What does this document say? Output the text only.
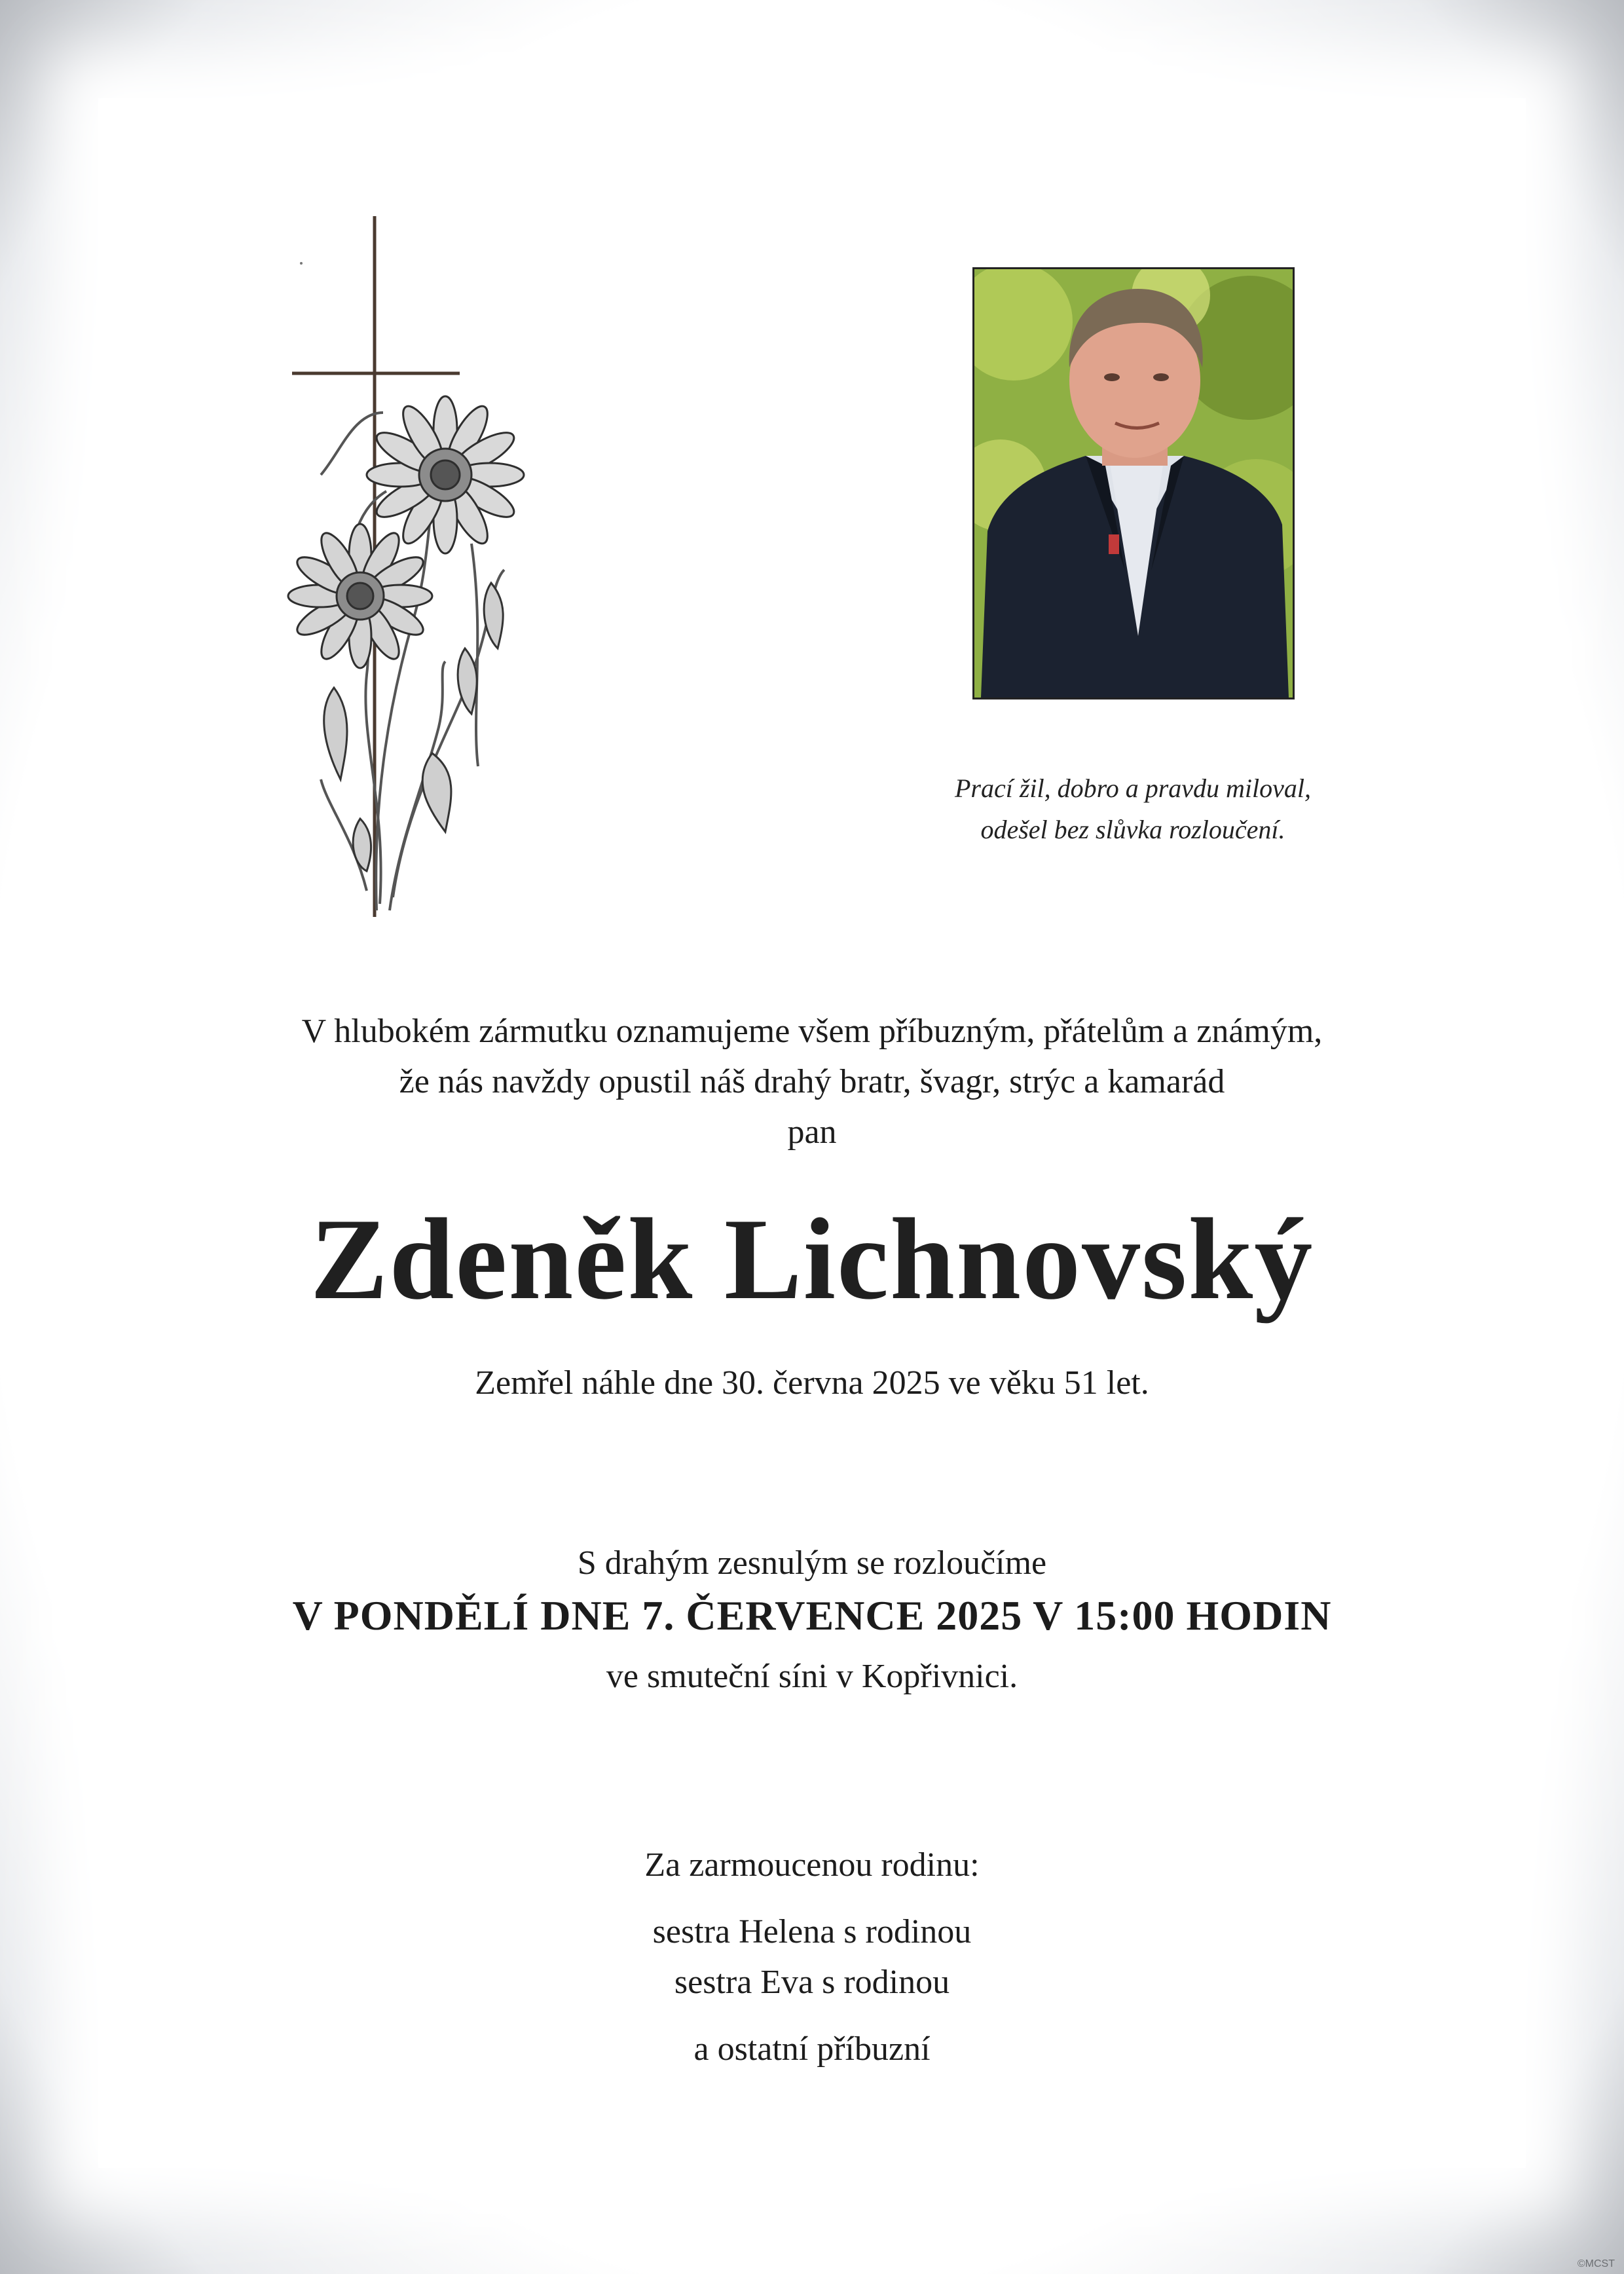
Prací žil, dobro a pravdu miloval,
odešel bez slůvka rozloučení.
V hlubokém zármutku oznamujeme všem příbuzným, přátelům a známým,
že nás navždy opustil náš drahý bratr, švagr, strýc a kamarád
pan
Zdeněk Lichnovský
Zemřel náhle dne 30. června 2025 ve věku 51 let.
S drahým zesnulým se rozloučíme
V PONDĚLÍ DNE 7. ČERVENCE 2025 V 15:00 HODIN
ve smuteční síni v Kopřivnici.
Za zarmoucenou rodinu:
sestra Helena s rodinou
sestra Eva s rodinou
a ostatní příbuzní
©MCST
